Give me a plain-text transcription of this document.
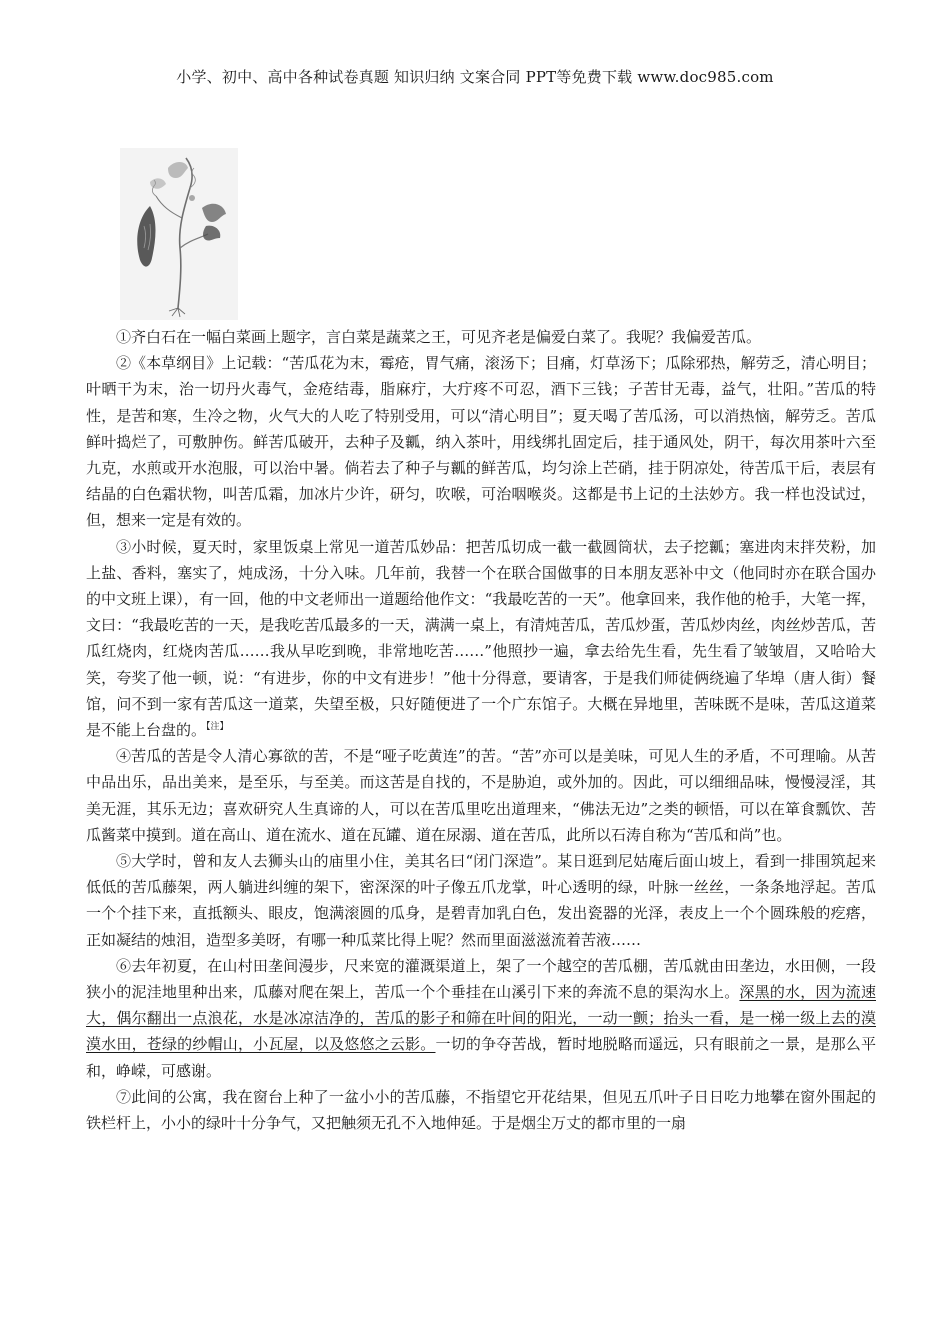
小学、初中、高中各种试卷真题 知识归纳 文案合同 PPT等免费下载 www.doc985.com

①齐白石在一幅白菜画上题字，言白菜是蔬菜之王，可见齐老是偏爱白菜了。我呢？我偏爱苦瓜。

②《本草纲目》上记载：“苦瓜花为末，霉疮，胃气痛，滚汤下；目痛，灯草汤下；瓜除邪热，解劳乏，清心明目；叶晒干为末，治一切丹火毒气，金疮结毒，脂麻疔，大疔疼不可忍，酒下三钱；子苦甘无毒，益气，壮阳。”苦瓜的特性，是苦和寒，生冷之物，火气大的人吃了特别受用，可以“清心明目”；夏天喝了苦瓜汤，可以消热恼，解劳乏。苦瓜鲜叶捣烂了，可敷肿伤。鲜苦瓜破开，去种子及瓤，纳入茶叶，用线绑扎固定后，挂于通风处，阴干，每次用茶叶六至九克，水煎或开水泡服，可以治中暑。倘若去了种子与瓤的鲜苦瓜，均匀涂上芒硝，挂于阴凉处，待苦瓜干后，表层有结晶的白色霜状物，叫苦瓜霜，加冰片少许，研匀，吹喉，可治咽喉炎。这都是书上记的土法妙方。我一样也没试过，但，想来一定是有效的。

③小时候，夏天时，家里饭桌上常见一道苦瓜妙品：把苦瓜切成一截一截圆筒状，去子挖瓤；塞进肉末拌芡粉，加上盐、香料，塞实了，炖成汤，十分入味。几年前，我替一个在联合国做事的日本朋友恶补中文（他同时亦在联合国办的中文班上课），有一回，他的中文老师出一道题给他作文：“我最吃苦的一天”。他拿回来，我作他的枪手，大笔一挥，文曰：“我最吃苦的一天，是我吃苦瓜最多的一天，满满一桌上，有清炖苦瓜，苦瓜炒蛋，苦瓜炒肉丝，肉丝炒苦瓜，苦瓜红烧肉，红烧肉苦瓜……我从早吃到晚，非常地吃苦……”他照抄一遍，拿去给先生看，先生看了皱皱眉，又哈哈大笑，夸奖了他一顿，说：“有进步，你的中文有进步！”他十分得意，要请客，于是我们师徒俩绕遍了华埠（唐人街）餐馆，问不到一家有苦瓜这一道菜，失望至极，只好随便进了一个广东馆子。大概在异地里，苦味既不是味，苦瓜这道菜是不能上台盘的。$^{【注】}$

④苦瓜的苦是令人清心寡欲的苦，不是“哑子吃黄连”的苦。“苦”亦可以是美味，可见人生的矛盾，不可理喻。从苦中品出乐，品出美来，是至乐，与至美。而这苦是自找的，不是胁迫，或外加的。因此，可以细细品味，慢慢浸淫，其美无涯，其乐无边；喜欢研究人生真谛的人，可以在苦瓜里吃出道理来，“佛法无边”之类的顿悟，可以在箪食瓢饮、苦瓜酱菜中摸到。道在高山、道在流水、道在瓦罐、道在尿溺、道在苦瓜，此所以石涛自称为“苦瓜和尚”也。

⑤大学时，曾和友人去狮头山的庙里小住，美其名曰“闭门深造”。某日逛到尼姑庵后面山坡上，看到一排围筑起来低低的苦瓜藤架，两人躺进纠缠的架下，密深深的叶子像五爪龙掌，叶心透明的绿，叶脉一丝丝，一条条地浮起。苦瓜一个个挂下来，直抵额头、眼皮，饱满滚圆的瓜身，是碧青加乳白色，发出瓷器的光泽，表皮上一个个圆珠般的疙瘩，正如凝结的烛泪，造型多美呀，有哪一种瓜菜比得上呢？然而里面滋滋流着苦液……

⑥去年初夏，在山村田垄间漫步，尺来宽的灌溉渠道上，架了一个越空的苦瓜棚，苦瓜就由田垄边，水田侧，一段狭小的泥洼地里种出来，瓜藤对爬在架上，苦瓜一个个垂挂在山溪引下来的奔流不息的渠沟水上。深黑的水，因为流速大，偶尔翻出一点浪花，水是冰凉洁净的，苦瓜的影子和筛在叶间的阳光，一动一颤；抬头一看，是一梯一级上去的漠漠水田，苍绿的纱帽山，小瓦屋，以及悠悠之云影。一切的争夺苦战，暂时地脱略而遥远，只有眼前之一景，是那么平和，峥嵘，可感谢。

⑦此间的公寓，我在窗台上种了一盆小小的苦瓜藤，不指望它开花结果，但见五爪叶子日日吃力地攀在窗外围起的铁栏杆上，小小的绿叶十分争气，又把触须无孔不入地伸延。于是烟尘万丈的都市里的一扇
